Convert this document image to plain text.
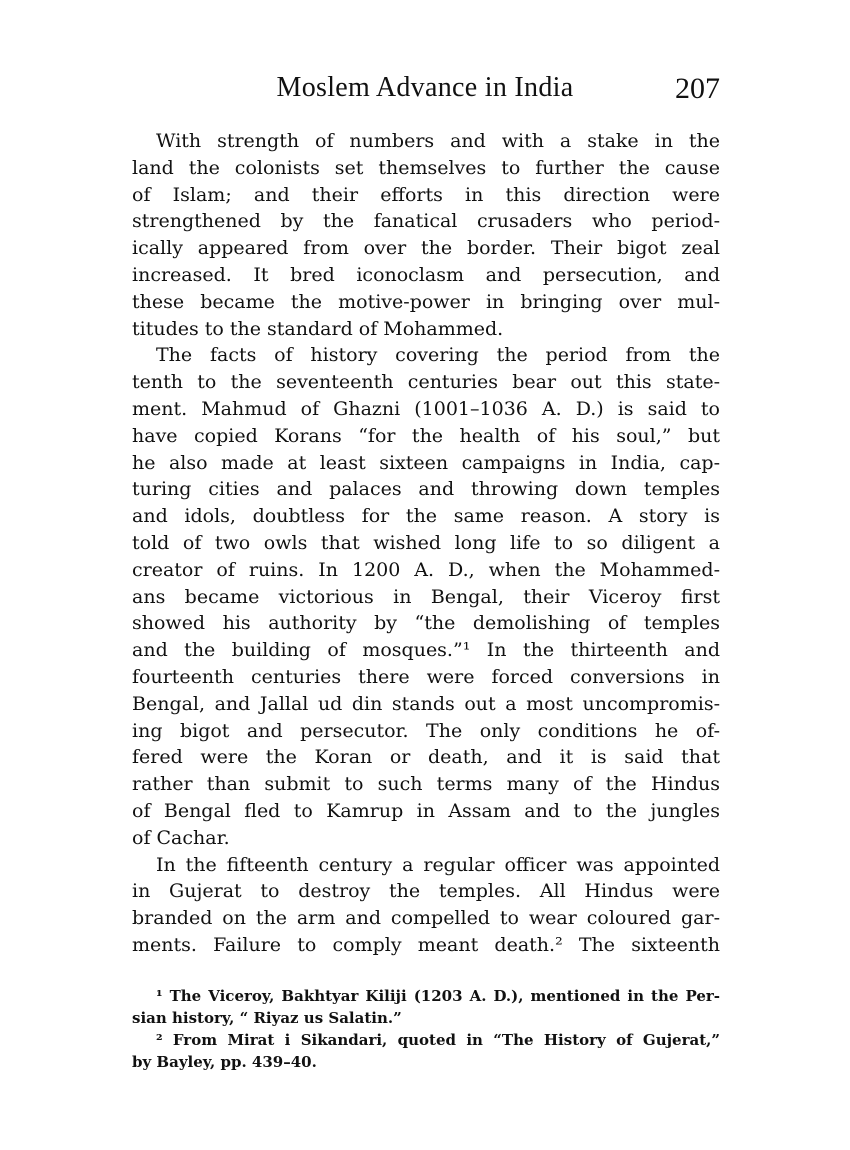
Moslem Advance in India	207
With strength of numbers and with a stake in the
land the colonists set themselves to further the cause
of Islam; and their efforts in this direction were
strengthened by the fanatical crusaders who period-
ically appeared from over the border. Their bigot zeal
increased. It bred iconoclasm and persecution, and
these became the motive-power in bringing over mul-
titudes to the standard of Mohammed.
The facts of history covering the period from the
tenth to the seventeenth centuries bear out this state-
ment. Mahmud of Ghazni (1001–1036 A. D.) is said to
have copied Korans “for the health of his soul,” but
he also made at least sixteen campaigns in India, cap-
turing cities and palaces and throwing down temples
and idols, doubtless for the same reason. A story is
told of two owls that wished long life to so diligent a
creator of ruins. In 1200 A. D., when the Mohammed-
ans became victorious in Bengal, their Viceroy first
showed his authority by “the demolishing of temples
and the building of mosques.”¹ In the thirteenth and
fourteenth centuries there were forced conversions in
Bengal, and Jallal ud din stands out a most uncompromis-
ing bigot and persecutor. The only conditions he of-
fered were the Koran or death, and it is said that
rather than submit to such terms many of the Hindus
of Bengal fled to Kamrup in Assam and to the jungles
of Cachar.
In the fifteenth century a regular officer was appointed
in Gujerat to destroy the temples. All Hindus were
branded on the arm and compelled to wear coloured gar-
ments. Failure to comply meant death.² The sixteenth
¹ The Viceroy, Bakhtyar Kiliji (1203 A. D.), mentioned in the Per-
sian history, “ Riyaz us Salatin.”
² From Mirat i Sikandari, quoted in “The History of Gujerat,”
by Bayley, pp. 439–40.
